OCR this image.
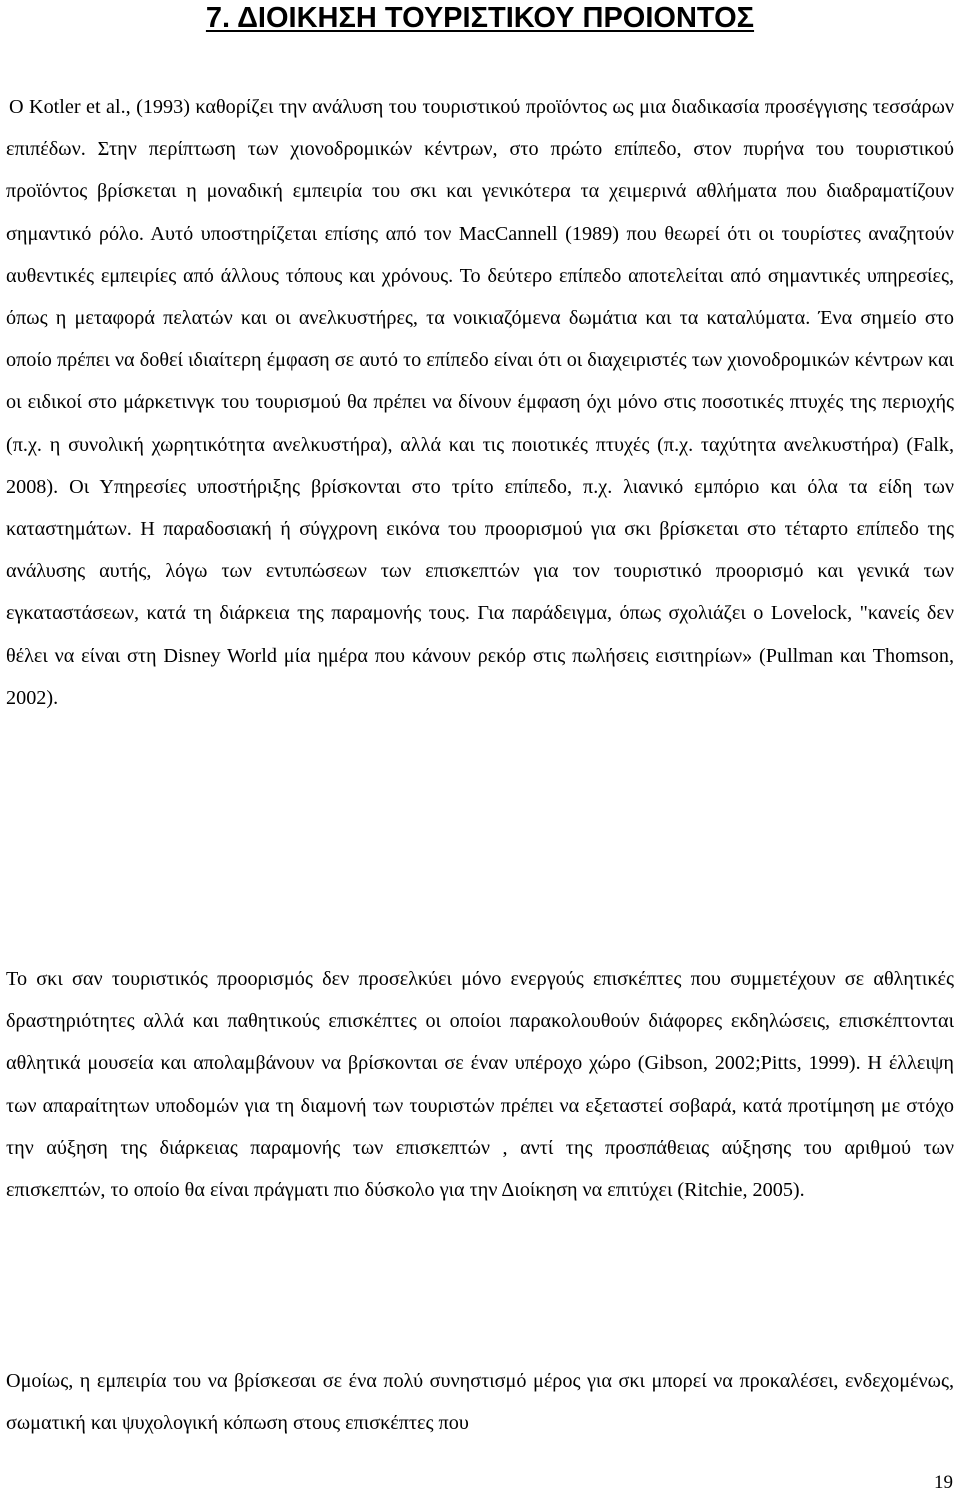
7. ΔΙΟΙΚΗΣΗ ΤΟΥΡΙΣΤΙΚΟΥ ΠΡΟΙΟΝΤΟΣ

Ο Kotler et al., (1993) καθορίζει την ανάλυση του τουριστικού προϊόντος ως μια διαδικασία προσέγγισης τεσσάρων επιπέδων. Στην περίπτωση των χιονοδρομικών κέντρων, στο πρώτο επίπεδο, στον πυρήνα του τουριστικού προϊόντος βρίσκεται η μοναδική εμπειρία του σκι και γενικότερα τα χειμερινά αθλήματα που διαδραματίζουν σημαντικό ρόλο. Αυτό υποστηρίζεται επίσης από τον MacCannell (1989) που θεωρεί ότι οι τουρίστες αναζητούν αυθεντικές εμπειρίες από άλλους τόπους και χρόνους. Το δεύτερο επίπεδο αποτελείται από σημαντικές υπηρεσίες, όπως η μεταφορά πελατών και οι ανελκυστήρες, τα νοικιαζόμενα δωμάτια και τα καταλύματα. Ένα σημείο στο οποίο πρέπει να δοθεί ιδιαίτερη έμφαση σε αυτό το επίπεδο είναι ότι οι διαχειριστές των χιονοδρομικών κέντρων και οι ειδικοί στο μάρκετινγκ του τουρισμού θα πρέπει να δίνουν έμφαση όχι μόνο στις ποσοτικές πτυχές της περιοχής (π.χ. η συνολική χωρητικότητα ανελκυστήρα), αλλά και τις ποιοτικές πτυχές (π.χ. ταχύτητα ανελκυστήρα) (Falk, 2008). Οι Υπηρεσίες υποστήριξης βρίσκονται στο τρίτο επίπεδο, π.χ. λιανικό εμπόριο και όλα τα είδη των καταστημάτων. Η παραδοσιακή ή σύγχρονη εικόνα του προορισμού για σκι βρίσκεται στο τέταρτο επίπεδο της ανάλυσης αυτής, λόγω των εντυπώσεων των επισκεπτών για τον τουριστικό προορισμό και γενικά των εγκαταστάσεων, κατά τη διάρκεια της παραμονής τους. Για παράδειγμα, όπως σχολιάζει ο Lovelock, "κανείς δεν θέλει να είναι στη Disney World μία ημέρα που κάνουν ρεκόρ στις πωλήσεις εισιτηρίων» (Pullman και Thomson, 2002).

Το σκι σαν τουριστικός προορισμός δεν προσελκύει μόνο ενεργούς επισκέπτες που συμμετέχουν σε αθλητικές δραστηριότητες αλλά και παθητικούς επισκέπτες οι οποίοι παρακολουθούν διάφορες εκδηλώσεις, επισκέπτονται αθλητικά μουσεία και απολαμβάνουν να βρίσκονται σε έναν υπέροχο χώρο (Gibson, 2002;Pitts, 1999). Η έλλειψη των απαραίτητων υποδομών για τη διαμονή των τουριστών πρέπει να εξεταστεί σοβαρά, κατά προτίμηση με στόχο την αύξηση της διάρκειας παραμονής των επισκεπτών , αντί της προσπάθειας αύξησης του αριθμού των επισκεπτών, το οποίο θα είναι πράγματι πιο δύσκολο για την Διοίκηση να επιτύχει (Ritchie, 2005).

Ομοίως, η εμπειρία του να βρίσκεσαι σε ένα πολύ συνηστισμό μέρος για σκι μπορεί να προκαλέσει, ενδεχομένως, σωματική και ψυχολογική κόπωση στους επισκέπτες που

19
